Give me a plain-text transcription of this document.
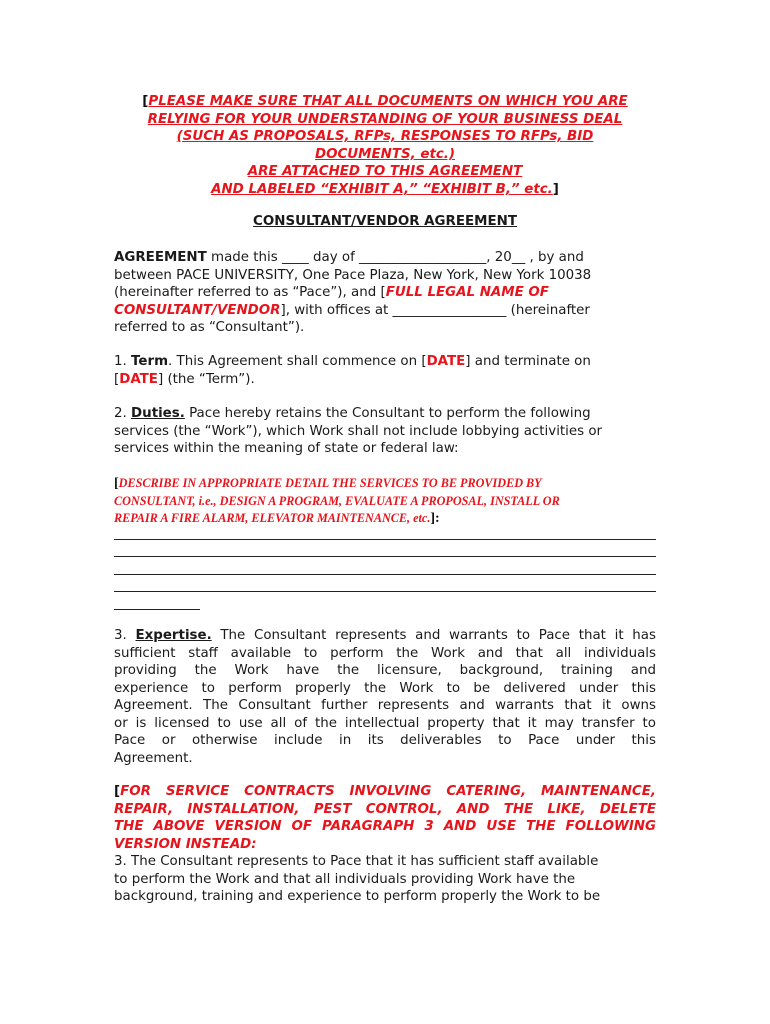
[PLEASE MAKE SURE THAT ALL DOCUMENTS ON WHICH YOU ARE
RELYING FOR YOUR UNDERSTANDING OF YOUR BUSINESS DEAL
(SUCH AS PROPOSALS, RFPs, RESPONSES TO RFPs, BID
DOCUMENTS, etc.)
ARE ATTACHED TO THIS AGREEMENT
AND LABELED “EXHIBIT A,” “EXHIBIT B,” etc.]
CONSULTANT/VENDOR AGREEMENT
AGREEMENT made this ____ day of ___________________, 20__ , by and
between PACE UNIVERSITY, One Pace Plaza, New York, New York 10038
(hereinafter referred to as “Pace”), and [FULL LEGAL NAME OF
CONSULTANT/VENDOR], with offices at _________________ (hereinafter
referred to as “Consultant”).
1. Term. This Agreement shall commence on [DATE] and terminate on
[DATE] (the “Term”).
2. Duties. Pace hereby retains the Consultant to perform the following
services (the “Work”), which Work shall not include lobbying activities or
services within the meaning of state or federal law:
[DESCRIBE IN APPROPRIATE DETAIL THE SERVICES TO BE PROVIDED BY
CONSULTANT, i.e., DESIGN A PROGRAM, EVALUATE A PROPOSAL, INSTALL OR
REPAIR A FIRE ALARM, ELEVATOR MAINTENANCE, etc.]:
3. Expertise. The Consultant represents and warrants to Pace that it has
sufficient staff available to perform the Work and that all individuals
providing the Work have the licensure, background, training and
experience to perform properly the Work to be delivered under this
Agreement. The Consultant further represents and warrants that it owns
or is licensed to use all of the intellectual property that it may transfer to
Pace or otherwise include in its deliverables to Pace under this
Agreement.
[FOR SERVICE CONTRACTS INVOLVING CATERING, MAINTENANCE,
REPAIR, INSTALLATION, PEST CONTROL, AND THE LIKE, DELETE
THE ABOVE VERSION OF PARAGRAPH 3 AND USE THE FOLLOWING
VERSION INSTEAD:
3. The Consultant represents to Pace that it has sufficient staff available
to perform the Work and that all individuals providing Work have the
background, training and experience to perform properly the Work to be
